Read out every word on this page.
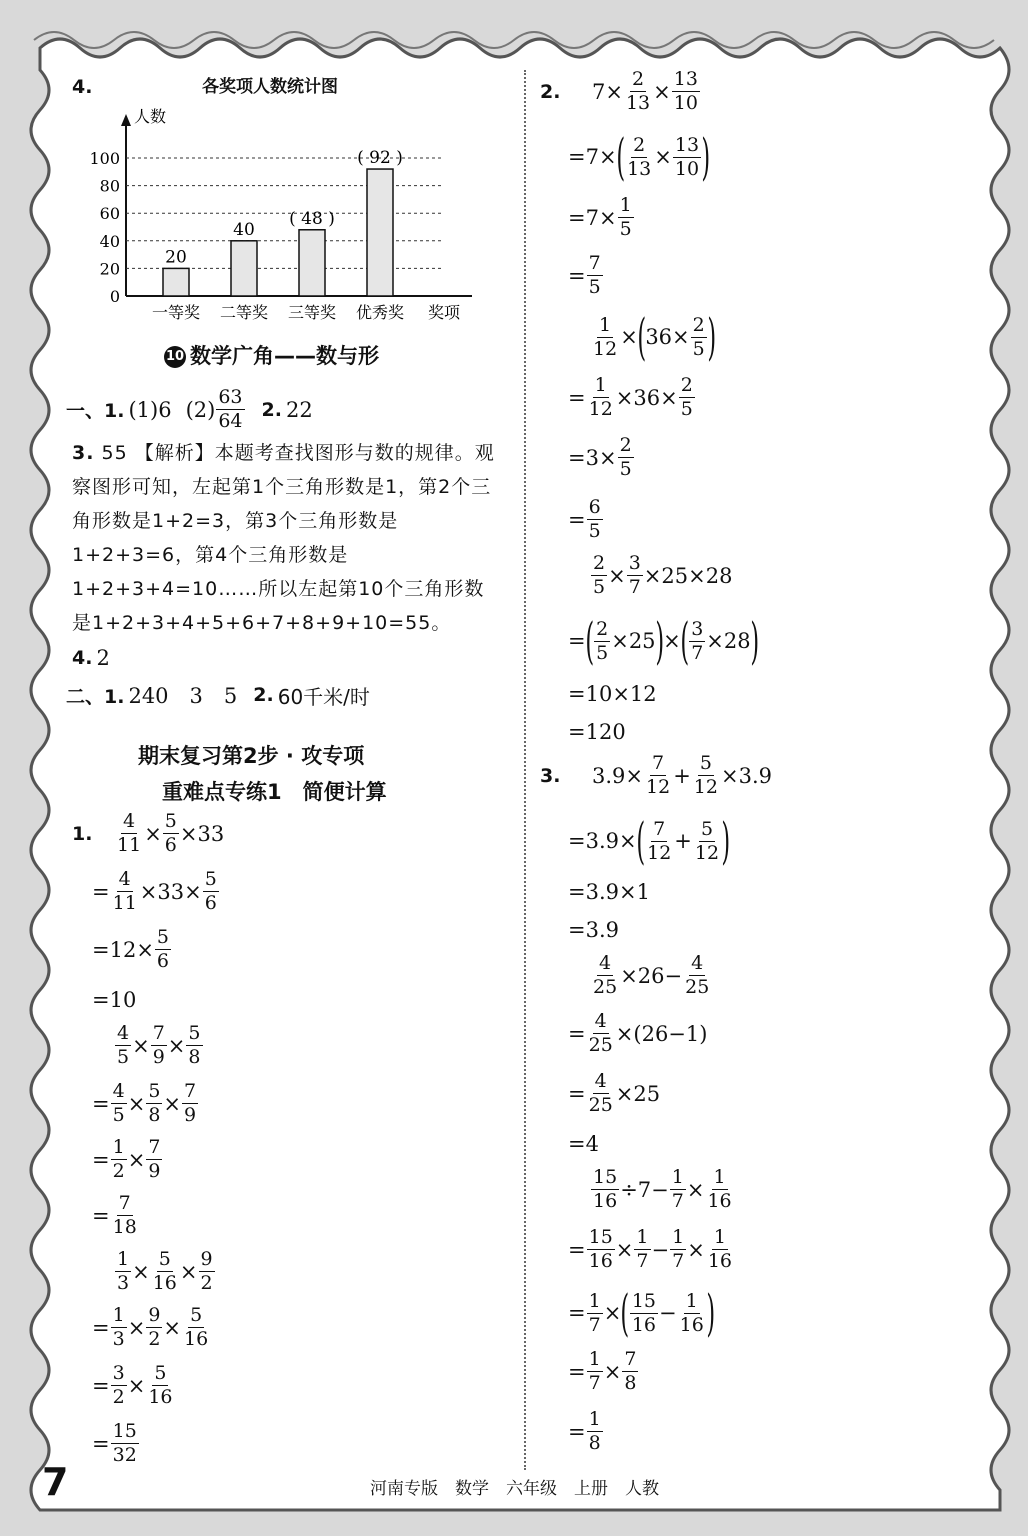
4.	各奖项人数统计图
人数
100
80
60
40
20
0
20
一等奖
40
二等奖
( 48 )
三等奖
( 92 )
优秀奖 奖项
10 数学广角——数与形
一、1. (1)6 $(2) \frac{63}{64} 2$. 22
3. 55 【解析】本题考查找图形与数的规律。观察图形可知，左起第1个三角形数是1，第2个三角形数是1+2=3，第3个三角形数是1+2+3=6，第4个三角形数是1+2+3+4=10……所以左起第10个三角形数是1+2+3+4+5+6+7+8+9+10=55。
4. 2
二、1. 240　3　5 2. 60千米/时
期末复习第2步 · 攻专项
重难点专练1　简便计算
1.	$\frac{4}{11} \times \frac{5}{6} \times 33$
= $\frac{4}{11} \times 33\times \frac{5}{6}$
$=12\times \frac{5}{6}$
=10
$\frac{4}{5} \times \frac{7}{9} \times \frac{5}{8}$
= $\frac{4}{5} \times \frac{5}{8} \times \frac{7}{9}$
= $\frac{1}{2} \times \frac{7}{9}$
= $\frac{7}{18}$
$\frac{1}{3} \times \frac{5}{16} \times \frac{9}{2}$
= $\frac{1}{3} \times \frac{9}{2} \times \frac{5}{16}$
= $\frac{3}{2} \times \frac{5}{16}$
= $\frac{15}{32}$
2.	$7\times \frac{2}{13} \times \frac{13}{10}$
=7× ( $\frac{2}{13} \times \frac{13}{10}$ )
$=7\times \frac{1}{5}$
= $\frac{7}{5}$
$\frac{1}{12}$ × ( $36\times \frac{2}{5}$ )
= $\frac{1}{12} \times 36\times \frac{2}{5}$
$=3\times \frac{2}{5}$
= $\frac{6}{5}$
$\frac{2}{5} \times \frac{3}{7} \times 25\times 28$
= ( $\frac{2}{5} \times 25$ ) × ( $\frac{3}{7} \times 28$ )
=10×12
=120
3.	$3.9\times \frac{7}{12} + \frac{5}{12} \times 3.9$
=3.9× ( $\frac{7}{12} + \frac{5}{12}$ )
=3.9×1
=3.9
$\frac{4}{25} \times 26- \frac{4}{25}$
= $\frac{4}{25} \times(26-1)$
= $\frac{4}{25} \times 25$
=4
$\frac{15}{16} \div 7- \frac{1}{7} \times \frac{1}{16}$
= $\frac{15}{16} \times \frac{1}{7} - \frac{1}{7} \times \frac{1}{16}$
= $\frac{1}{7}$ × ( $\frac{15}{16} - \frac{1}{16}$ )
= $\frac{1}{7} \times \frac{7}{8}$
= $\frac{1}{8}$
7	河南专版　数学　六年级　上册　人教
